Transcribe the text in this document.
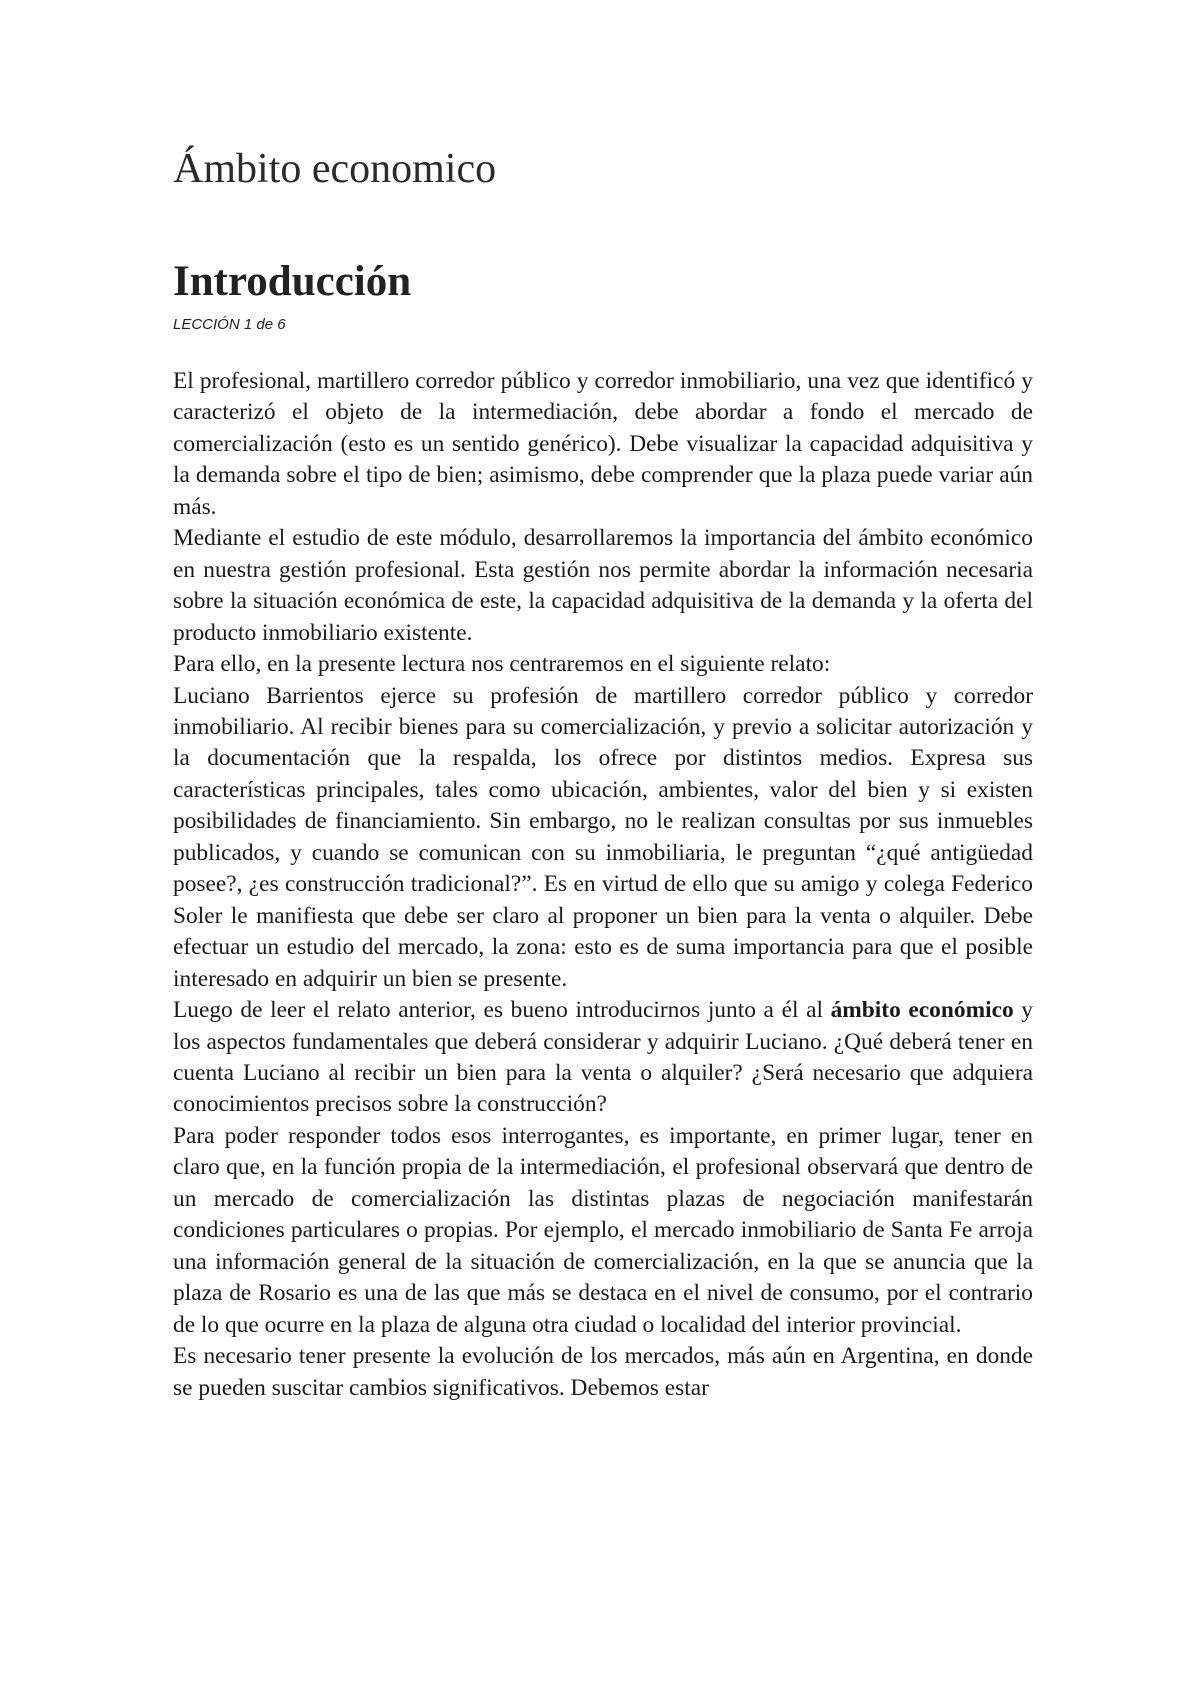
Ámbito economico
Introducción
LECCIÓN 1 de 6

El profesional, martillero corredor público y corredor inmobiliario, una vez que identificó y caracterizó el objeto de la intermediación, debe abordar a fondo el mercado de comercialización (esto es un sentido genérico). Debe visualizar la capacidad adquisitiva y la demanda sobre el tipo de bien; asimismo, debe comprender que la plaza puede variar aún más.

Mediante el estudio de este módulo, desarrollaremos la importancia del ámbito económico en nuestra gestión profesional. Esta gestión nos permite abordar la información necesaria sobre la situación económica de este, la capacidad adquisitiva de la demanda y la oferta del producto inmobiliario existente.

Para ello, en la presente lectura nos centraremos en el siguiente relato:

Luciano Barrientos ejerce su profesión de martillero corredor público y corredor inmobiliario. Al recibir bienes para su comercialización, y previo a solicitar autorización y la documentación que la respalda, los ofrece por distintos medios. Expresa sus características principales, tales como ubicación, ambientes, valor del bien y si existen posibilidades de financiamiento. Sin embargo, no le realizan consultas por sus inmuebles publicados, y cuando se comunican con su inmobiliaria, le preguntan “¿qué antigüedad posee?, ¿es construcción tradicional?”. Es en virtud de ello que su amigo y colega Federico Soler le manifiesta que debe ser claro al proponer un bien para la venta o alquiler. Debe efectuar un estudio del mercado, la zona: esto es de suma importancia para que el posible interesado en adquirir un bien se presente.

Luego de leer el relato anterior, es bueno introducirnos junto a él al ámbito económico y los aspectos fundamentales que deberá considerar y adquirir Luciano. ¿Qué deberá tener en cuenta Luciano al recibir un bien para la venta o alquiler? ¿Será necesario que adquiera conocimientos precisos sobre la construcción?

Para poder responder todos esos interrogantes, es importante, en primer lugar, tener en claro que, en la función propia de la intermediación, el profesional observará que dentro de un mercado de comercialización las distintas plazas de negociación manifestarán condiciones particulares o propias. Por ejemplo, el mercado inmobiliario de Santa Fe arroja una información general de la situación de comercialización, en la que se anuncia que la plaza de Rosario es una de las que más se destaca en el nivel de consumo, por el contrario de lo que ocurre en la plaza de alguna otra ciudad o localidad del interior provincial.

Es necesario tener presente la evolución de los mercados, más aún en Argentina, en donde se pueden suscitar cambios significativos. Debemos estar
